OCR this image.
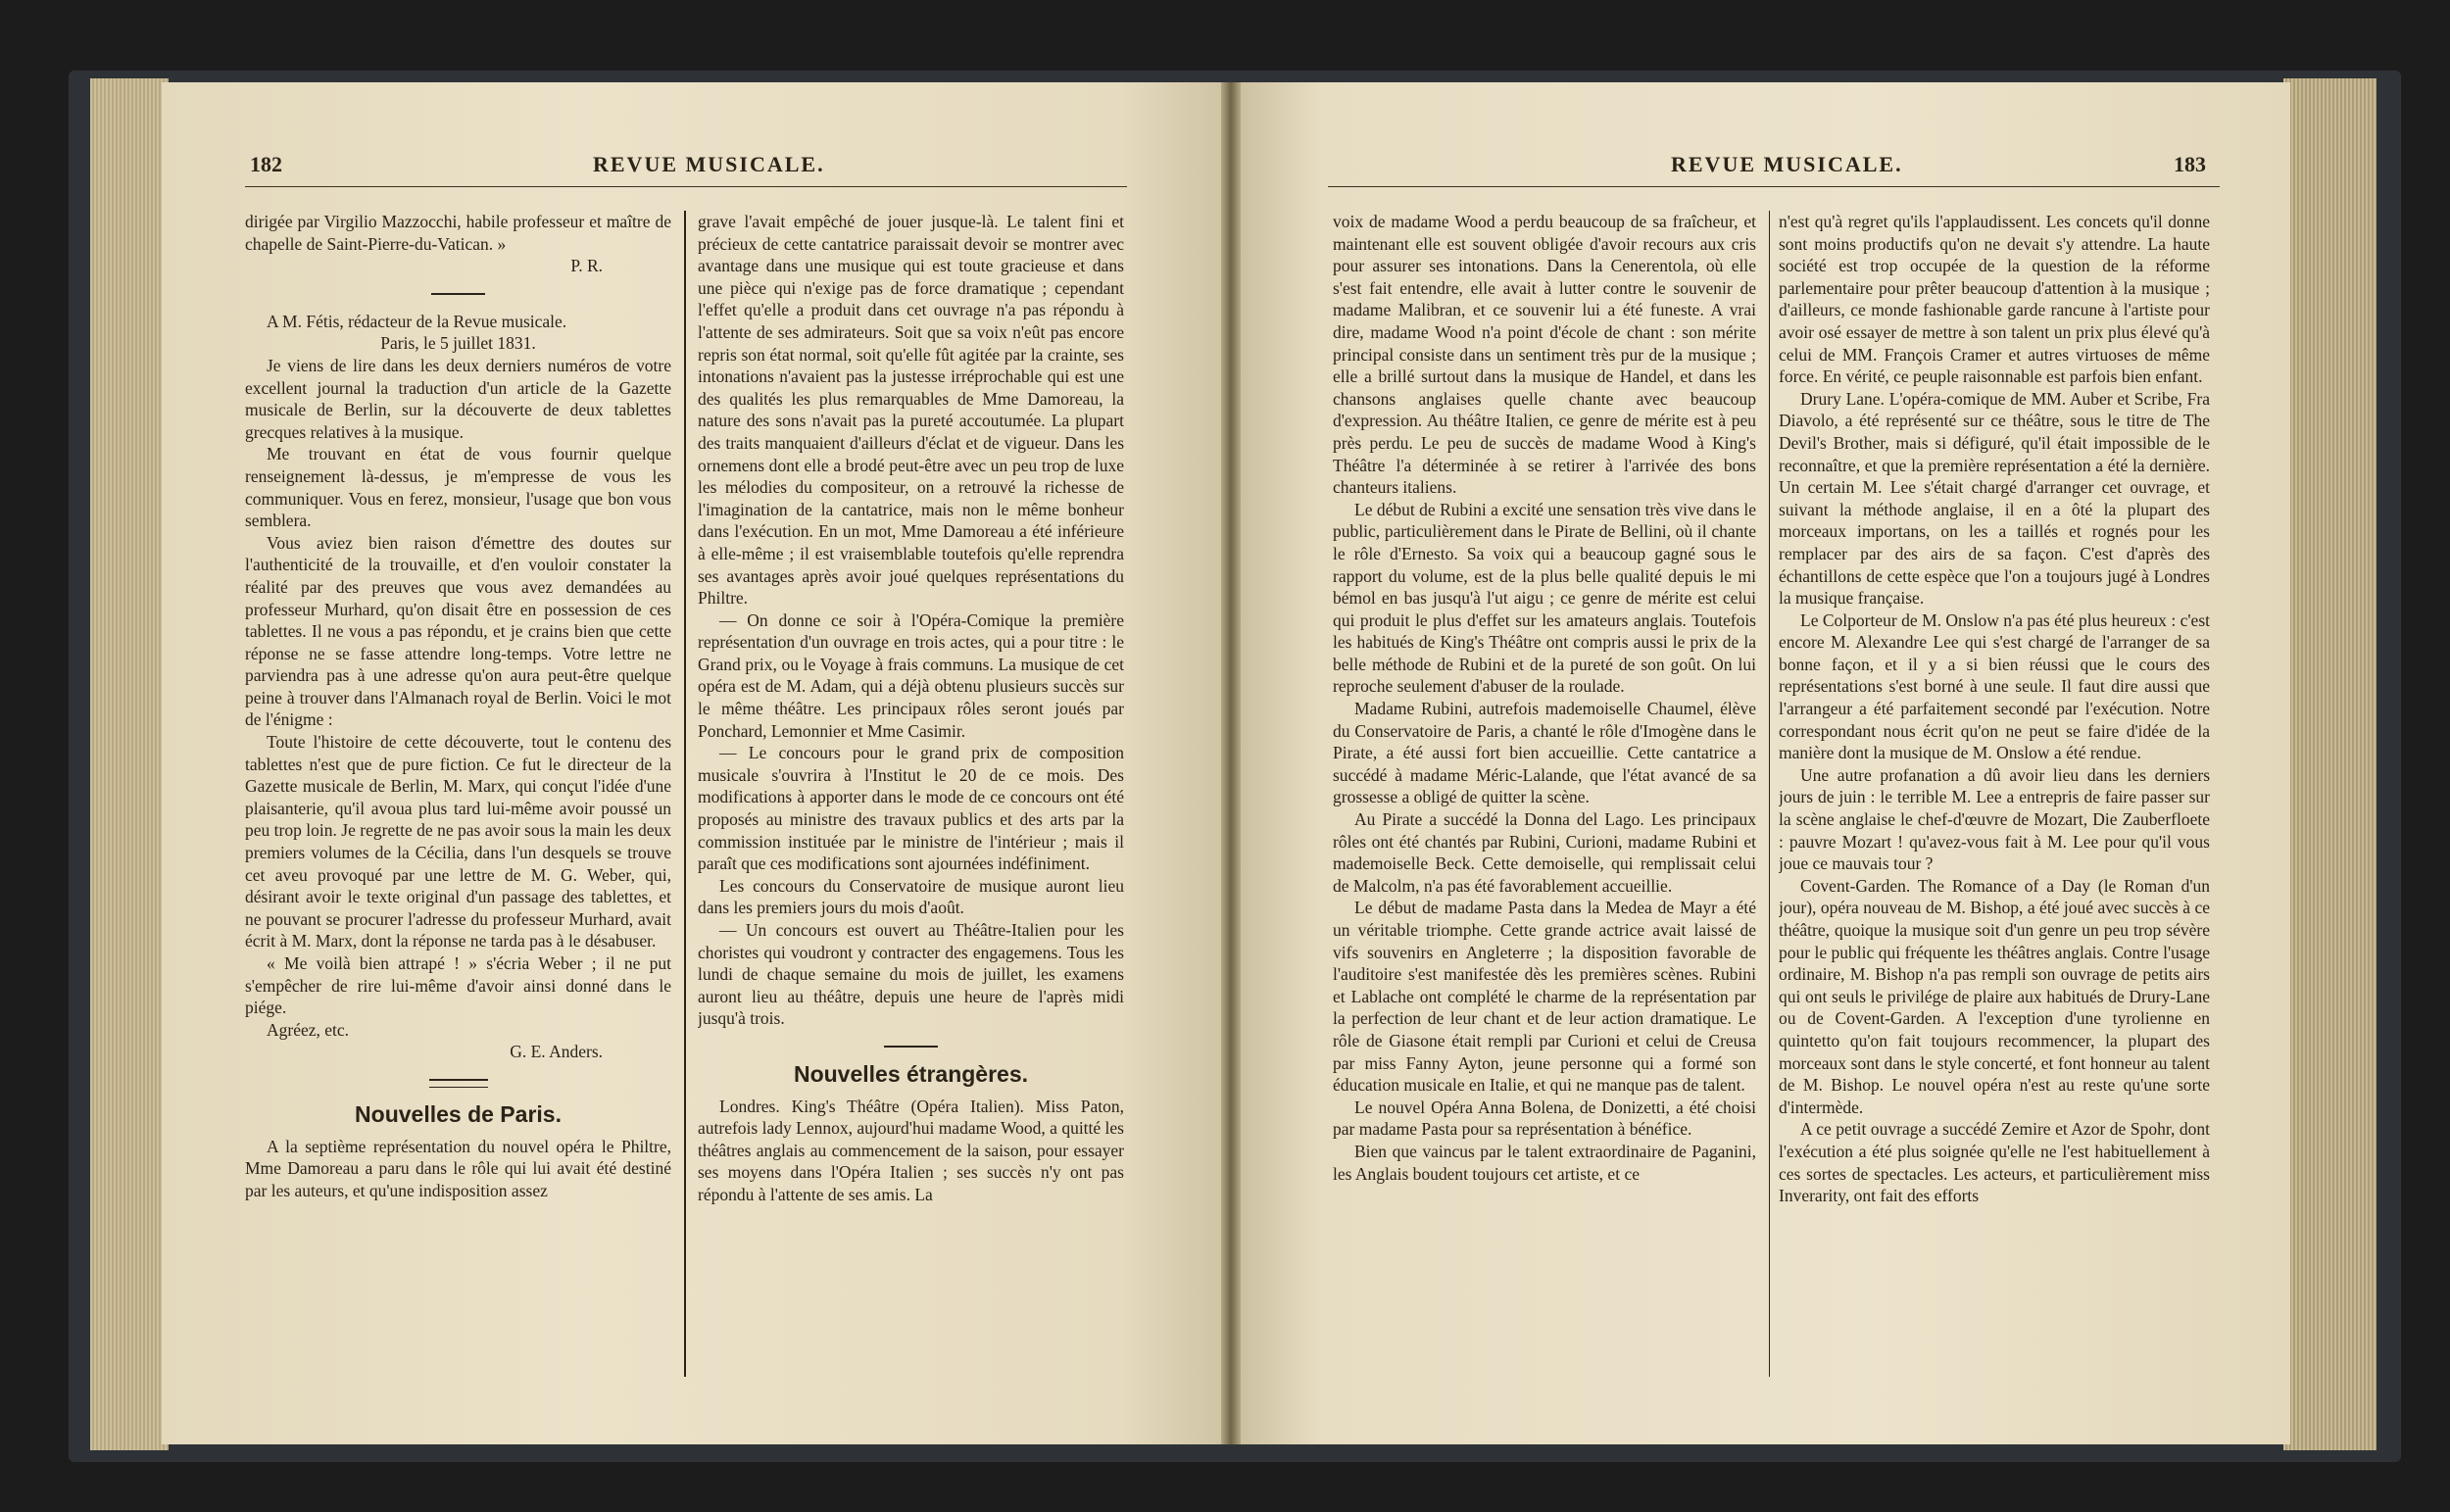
182	REVUE MUSICALE.	REVUE MUSICALE.	183

dirigée par Virgilio Mazzocchi, habile professeur et maître de chapelle de Saint-Pierre-du-Vatican. »

P. R.

A M. Fétis, rédacteur de la Revue musicale.

Paris, le 5 juillet 1831.

Je viens de lire dans les deux derniers numéros de votre excellent journal la traduction d'un article de la Gazette musicale de Berlin, sur la découverte de deux tablettes grecques relatives à la musique.

Me trouvant en état de vous fournir quelque renseignement là-dessus, je m'empresse de vous les communiquer. Vous en ferez, monsieur, l'usage que bon vous semblera.

Vous aviez bien raison d'émettre des doutes sur l'authenticité de la trouvaille, et d'en vouloir constater la réalité par des preuves que vous avez demandées au professeur Murhard, qu'on disait être en possession de ces tablettes. Il ne vous a pas répondu, et je crains bien que cette réponse ne se fasse attendre long-temps. Votre lettre ne parviendra pas à une adresse qu'on aura peut-être quelque peine à trouver dans l'Almanach royal de Berlin. Voici le mot de l'énigme :

Toute l'histoire de cette découverte, tout le contenu des tablettes n'est que de pure fiction. Ce fut le directeur de la Gazette musicale de Berlin, M. Marx, qui conçut l'idée d'une plaisanterie, qu'il avoua plus tard lui-même avoir poussé un peu trop loin. Je regrette de ne pas avoir sous la main les deux premiers volumes de la Cécilia, dans l'un desquels se trouve cet aveu provoqué par une lettre de M. G. Weber, qui, désirant avoir le texte original d'un passage des tablettes, et ne pouvant se procurer l'adresse du professeur Murhard, avait écrit à M. Marx, dont la réponse ne tarda pas à le désabuser.

« Me voilà bien attrapé ! » s'écria Weber ; il ne put s'empêcher de rire lui-même d'avoir ainsi donné dans le piége.

Agréez, etc.

G. E. Anders.

Nouvelles de Paris.

A la septième représentation du nouvel opéra le Philtre, Mme Damoreau a paru dans le rôle qui lui avait été destiné par les auteurs, et qu'une indisposition assez

grave l'avait empêché de jouer jusque-là. Le talent fini et précieux de cette cantatrice paraissait devoir se montrer avec avantage dans une musique qui est toute gracieuse et dans une pièce qui n'exige pas de force dramatique ; cependant l'effet qu'elle a produit dans cet ouvrage n'a pas répondu à l'attente de ses admirateurs. Soit que sa voix n'eût pas encore repris son état normal, soit qu'elle fût agitée par la crainte, ses intonations n'avaient pas la justesse irréprochable qui est une des qualités les plus remarquables de Mme Damoreau, la nature des sons n'avait pas la pureté accoutumée. La plupart des traits manquaient d'ailleurs d'éclat et de vigueur. Dans les ornemens dont elle a brodé peut-être avec un peu trop de luxe les mélodies du compositeur, on a retrouvé la richesse de l'imagination de la cantatrice, mais non le même bonheur dans l'exécution. En un mot, Mme Damoreau a été inférieure à elle-même ; il est vraisemblable toutefois qu'elle reprendra ses avantages après avoir joué quelques représentations du Philtre.

— On donne ce soir à l'Opéra-Comique la première représentation d'un ouvrage en trois actes, qui a pour titre : le Grand prix, ou le Voyage à frais communs. La musique de cet opéra est de M. Adam, qui a déjà obtenu plusieurs succès sur le même théâtre. Les principaux rôles seront joués par Ponchard, Lemonnier et Mme Casimir.

— Le concours pour le grand prix de composition musicale s'ouvrira à l'Institut le 20 de ce mois. Des modifications à apporter dans le mode de ce concours ont été proposés au ministre des travaux publics et des arts par la commission instituée par le ministre de l'intérieur ; mais il paraît que ces modifications sont ajournées indéfiniment.

Les concours du Conservatoire de musique auront lieu dans les premiers jours du mois d'août.

— Un concours est ouvert au Théâtre-Italien pour les choristes qui voudront y contracter des engagemens. Tous les lundi de chaque semaine du mois de juillet, les examens auront lieu au théâtre, depuis une heure de l'après midi jusqu'à trois.

Nouvelles étrangères.

Londres. King's Théâtre (Opéra Italien). Miss Paton, autrefois lady Lennox, aujourd'hui madame Wood, a quitté les théâtres anglais au commencement de la saison, pour essayer ses moyens dans l'Opéra Italien ; ses succès n'y ont pas répondu à l'attente de ses amis. La

voix de madame Wood a perdu beaucoup de sa fraîcheur, et maintenant elle est souvent obligée d'avoir recours aux cris pour assurer ses intonations. Dans la Cenerentola, où elle s'est fait entendre, elle avait à lutter contre le souvenir de madame Malibran, et ce souvenir lui a été funeste. A vrai dire, madame Wood n'a point d'école de chant : son mérite principal consiste dans un sentiment très pur de la musique ; elle a brillé surtout dans la musique de Handel, et dans les chansons anglaises quelle chante avec beaucoup d'expression. Au théâtre Italien, ce genre de mérite est à peu près perdu. Le peu de succès de madame Wood à King's Théâtre l'a déterminée à se retirer à l'arrivée des bons chanteurs italiens.

Le début de Rubini a excité une sensation très vive dans le public, particulièrement dans le Pirate de Bellini, où il chante le rôle d'Ernesto. Sa voix qui a beaucoup gagné sous le rapport du volume, est de la plus belle qualité depuis le mi bémol en bas jusqu'à l'ut aigu ; ce genre de mérite est celui qui produit le plus d'effet sur les amateurs anglais. Toutefois les habitués de King's Théâtre ont compris aussi le prix de la belle méthode de Rubini et de la pureté de son goût. On lui reproche seulement d'abuser de la roulade.

Madame Rubini, autrefois mademoiselle Chaumel, élève du Conservatoire de Paris, a chanté le rôle d'Imogène dans le Pirate, a été aussi fort bien accueillie. Cette cantatrice a succédé à madame Méric-Lalande, que l'état avancé de sa grossesse a obligé de quitter la scène.

Au Pirate a succédé la Donna del Lago. Les principaux rôles ont été chantés par Rubini, Curioni, madame Rubini et mademoiselle Beck. Cette demoiselle, qui remplissait celui de Malcolm, n'a pas été favorablement accueillie.

Le début de madame Pasta dans la Medea de Mayr a été un véritable triomphe. Cette grande actrice avait laissé de vifs souvenirs en Angleterre ; la disposition favorable de l'auditoire s'est manifestée dès les premières scènes. Rubini et Lablache ont complété le charme de la représentation par la perfection de leur chant et de leur action dramatique. Le rôle de Giasone était rempli par Curioni et celui de Creusa par miss Fanny Ayton, jeune personne qui a formé son éducation musicale en Italie, et qui ne manque pas de talent.

Le nouvel Opéra Anna Bolena, de Donizetti, a été choisi par madame Pasta pour sa représentation à bénéfice.

Bien que vaincus par le talent extraordinaire de Paganini, les Anglais boudent toujours cet artiste, et ce

n'est qu'à regret qu'ils l'applaudissent. Les concets qu'il donne sont moins productifs qu'on ne devait s'y attendre. La haute société est trop occupée de la question de la réforme parlementaire pour prêter beaucoup d'attention à la musique ; d'ailleurs, ce monde fashionable garde rancune à l'artiste pour avoir osé essayer de mettre à son talent un prix plus élevé qu'à celui de MM. François Cramer et autres virtuoses de même force. En vérité, ce peuple raisonnable est parfois bien enfant.

Drury Lane. L'opéra-comique de MM. Auber et Scribe, Fra Diavolo, a été représenté sur ce théâtre, sous le titre de The Devil's Brother, mais si défiguré, qu'il était impossible de le reconnaître, et que la première représentation a été la dernière. Un certain M. Lee s'était chargé d'arranger cet ouvrage, et suivant la méthode anglaise, il en a ôté la plupart des morceaux importans, on les a taillés et rognés pour les remplacer par des airs de sa façon. C'est d'après des échantillons de cette espèce que l'on a toujours jugé à Londres la musique française.

Le Colporteur de M. Onslow n'a pas été plus heureux : c'est encore M. Alexandre Lee qui s'est chargé de l'arranger de sa bonne façon, et il y a si bien réussi que le cours des représentations s'est borné à une seule. Il faut dire aussi que l'arrangeur a été parfaitement secondé par l'exécution. Notre correspondant nous écrit qu'on ne peut se faire d'idée de la manière dont la musique de M. Onslow a été rendue.

Une autre profanation a dû avoir lieu dans les derniers jours de juin : le terrible M. Lee a entrepris de faire passer sur la scène anglaise le chef-d'œuvre de Mozart, Die Zauberfloete : pauvre Mozart ! qu'avez-vous fait à M. Lee pour qu'il vous joue ce mauvais tour ?

Covent-Garden. The Romance of a Day (le Roman d'un jour), opéra nouveau de M. Bishop, a été joué avec succès à ce théâtre, quoique la musique soit d'un genre un peu trop sévère pour le public qui fréquente les théâtres anglais. Contre l'usage ordinaire, M. Bishop n'a pas rempli son ouvrage de petits airs qui ont seuls le privilége de plaire aux habitués de Drury-Lane ou de Covent-Garden. A l'exception d'une tyrolienne en quintetto qu'on fait toujours recommencer, la plupart des morceaux sont dans le style concerté, et font honneur au talent de M. Bishop. Le nouvel opéra n'est au reste qu'une sorte d'intermède.

A ce petit ouvrage a succédé Zemire et Azor de Spohr, dont l'exécution a été plus soignée qu'elle ne l'est habituellement à ces sortes de spectacles. Les acteurs, et particulièrement miss Inverarity, ont fait des efforts
